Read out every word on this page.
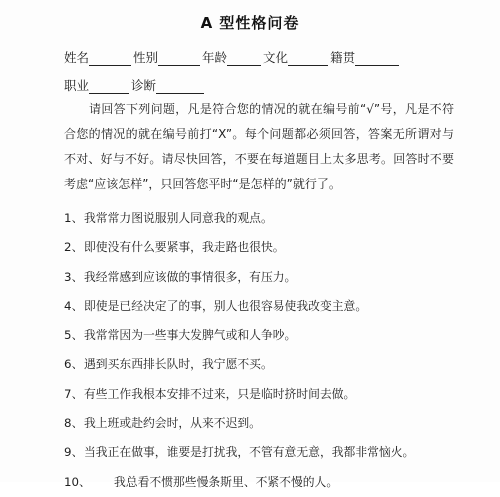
A 型性格问卷
姓名	性别	年龄	文化	籍贯
职业	诊断
请回答下列问题，凡是符合您的情况的就在编号前“√”号，凡是不符合您的情况的就在编号前打“X”。每个问题都必须回答，答案无所谓对与不对、好与不好。请尽快回答，不要在每道题目上太多思考。回答时不要考虑“应该怎样”，只回答您平时“是怎样的”就行了。
1、我常常力图说服别人同意我的观点。
2、即使没有什么要紧事，我走路也很快。
3、我经常感到应该做的事情很多，有压力。
4、即使是已经决定了的事，别人也很容易使我改变主意。
5、我常常因为一些事大发脾气或和人争吵。
6、遇到买东西排长队时，我宁愿不买。
7、有些工作我根本安排不过来，只是临时挤时间去做。
8、我上班或赴约会时，从来不迟到。
9、当我正在做事，谁要是打扰我，不管有意无意，我都非常恼火。
10、 我总看不惯那些慢条斯里、不紧不慢的人。
